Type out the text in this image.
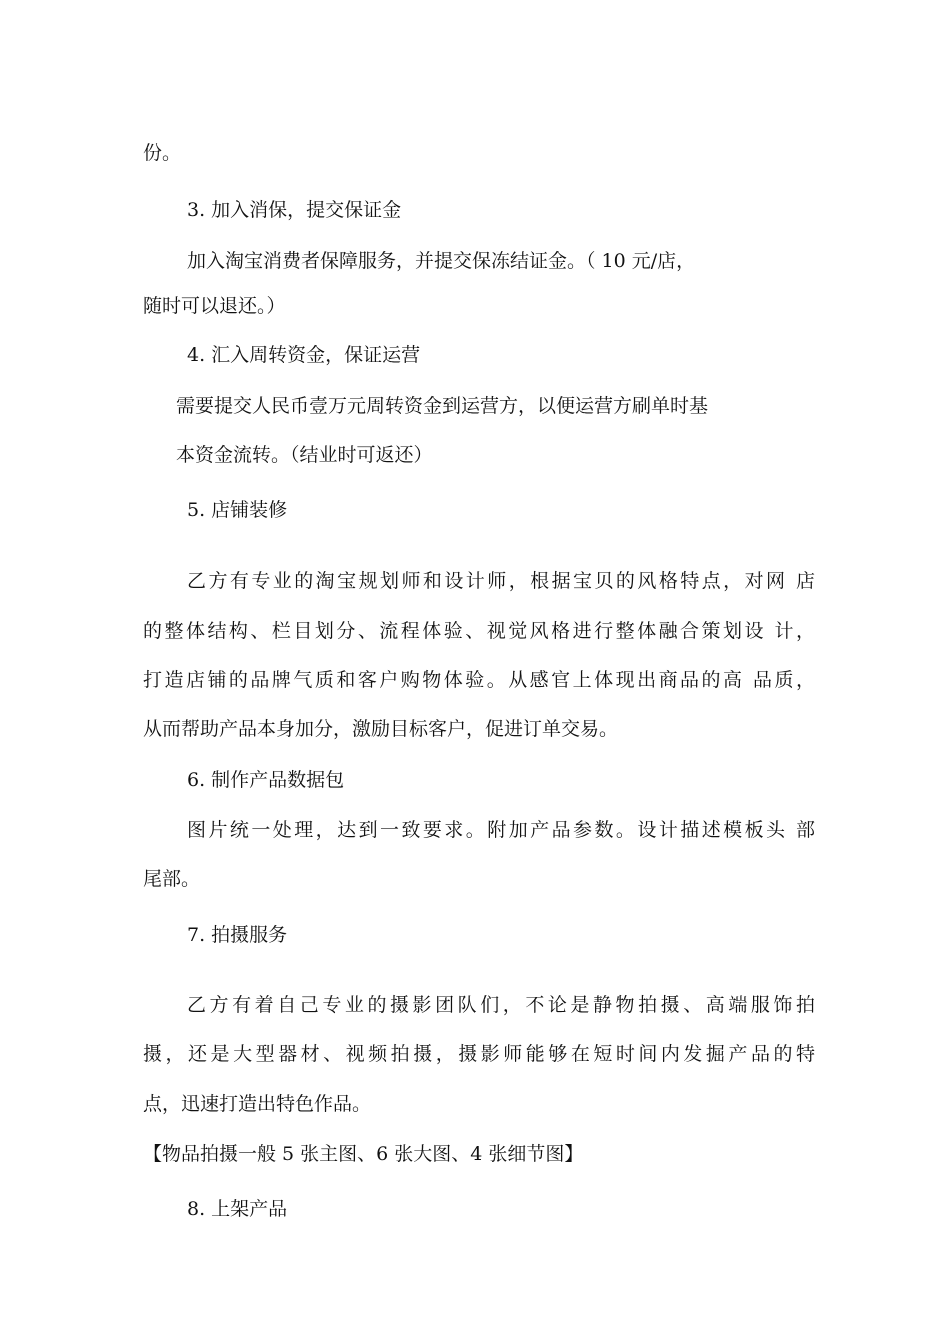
份。

3. 加入消保，提交保证金

加入淘宝消费者保障服务，并提交保冻结证金。（ 10 元/店，

随时可以退还。）

4. 汇入周转资金，保证运营

需要提交人民币壹万元周转资金到运营方，以便运营方刷单时基

本资金流转。（结业时可返还）

5. 店铺装修

乙方有专业的淘宝规划师和设计师，根据宝贝的风格特点，对网 店

的整体结构、栏目划分、流程体验、视觉风格进行整体融合策划设 计，

打造店铺的品牌气质和客户购物体验。从感官上体现出商品的高 品质，

从而帮助产品本身加分，激励目标客户，促进订单交易。

6. 制作产品数据包

图片统一处理，达到一致要求。附加产品参数。设计描述模板头 部

尾部。

7. 拍摄服务

乙方有着自己专业的摄影团队们，不论是静物拍摄、高端服饰拍

摄，还是大型器材、视频拍摄，摄影师能够在短时间内发掘产品的特

点，迅速打造出特色作品。

【物品拍摄一般 5 张主图、6 张大图、4 张细节图】

8. 上架产品
